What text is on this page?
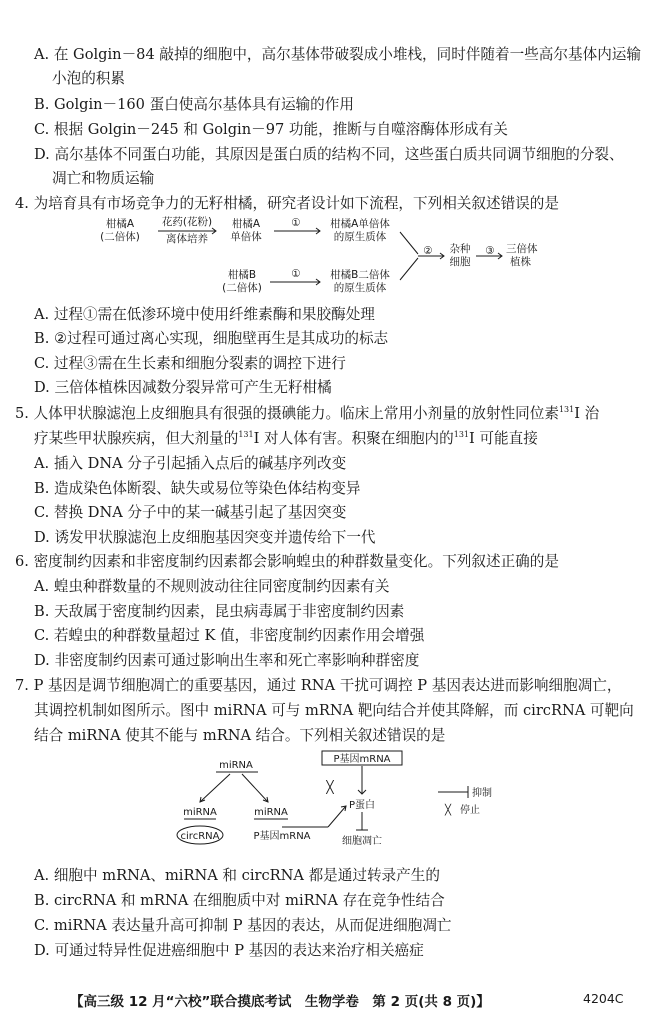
A. 在 Golgin－84 敲掉的细胞中，高尔基体带破裂成小堆栈，同时伴随着一些高尔基体内运输
小泡的积累
B. Golgin－160 蛋白使高尔基体具有运输的作用
C. 根据 Golgin－245 和 Golgin－97 功能，推断与自噬溶酶体形成有关
D. 高尔基体不同蛋白功能，其原因是蛋白质的结构不同，这些蛋白质共同调节细胞的分裂、
凋亡和物质运输
4. 为培育具有市场竞争力的无籽柑橘，研究者设计如下流程，下列相关叙述错误的是
柑橘A
(二倍体)
花药(花粉)
离体培养
柑橘A
单倍体
①	柑橘A单倍体
的原生质体
柑橘B
(二倍体)
①	柑橘B二倍体
的原生质体
② 杂种
细胞
③ 三倍体
植株
A. 过程①需在低渗环境中使用纤维素酶和果胶酶处理
B. ②过程可通过离心实现，细胞壁再生是其成功的标志
C. 过程③需在生长素和细胞分裂素的调控下进行
D. 三倍体植株因减数分裂异常可产生无籽柑橘
5. 人体甲状腺滤泡上皮细胞具有很强的摄碘能力。临床上常用小剂量的放射性同位素$^{131}$I 治
疗某些甲状腺疾病，但大剂量的$^{131}$I 对人体有害。积聚在细胞内的$^{131}$I 可能直接
A. 插入 DNA 分子引起插入点后的碱基序列改变
B. 造成染色体断裂、缺失或易位等染色体结构变异
C. 替换 DNA 分子中的某一碱基引起了基因突变
D. 诱发甲状腺滤泡上皮细胞基因突变并遗传给下一代
6. 密度制约因素和非密度制约因素都会影响蝗虫的种群数量变化。下列叙述正确的是
A. 蝗虫种群数量的不规则波动往往同密度制约因素有关
B. 天敌属于密度制约因素，昆虫病毒属于非密度制约因素
C. 若蝗虫的种群数量超过 K 值，非密度制约因素作用会增强
D. 非密度制约因素可通过影响出生率和死亡率影响种群密度
7. P 基因是调节细胞凋亡的重要基因，通过 RNA 干扰可调控 P 基因表达进而影响细胞凋亡，
其调控机制如图所示。图中 miRNA 可与 mRNA 靶向结合并使其降解，而 circRNA 可靶向
结合 miRNA 使其不能与 mRNA 结合。下列相关叙述错误的是
miRNA
miRNA
circRNA
miRNA
P基因mRNA
P基因mRNA
P蛋白
细胞凋亡
抑制
╳ 停止
╳
A. 细胞中 mRNA、miRNA 和 circRNA 都是通过转录产生的
B. circRNA 和 mRNA 在细胞质中对 miRNA 存在竞争性结合
C. miRNA 表达量升高可抑制 P 基因的表达，从而促进细胞凋亡
D. 可通过特异性促进癌细胞中 P 基因的表达来治疗相关癌症
【高三级 12 月“六校”联合摸底考试　生物学卷　第 2 页(共 8 页)】	4204C
